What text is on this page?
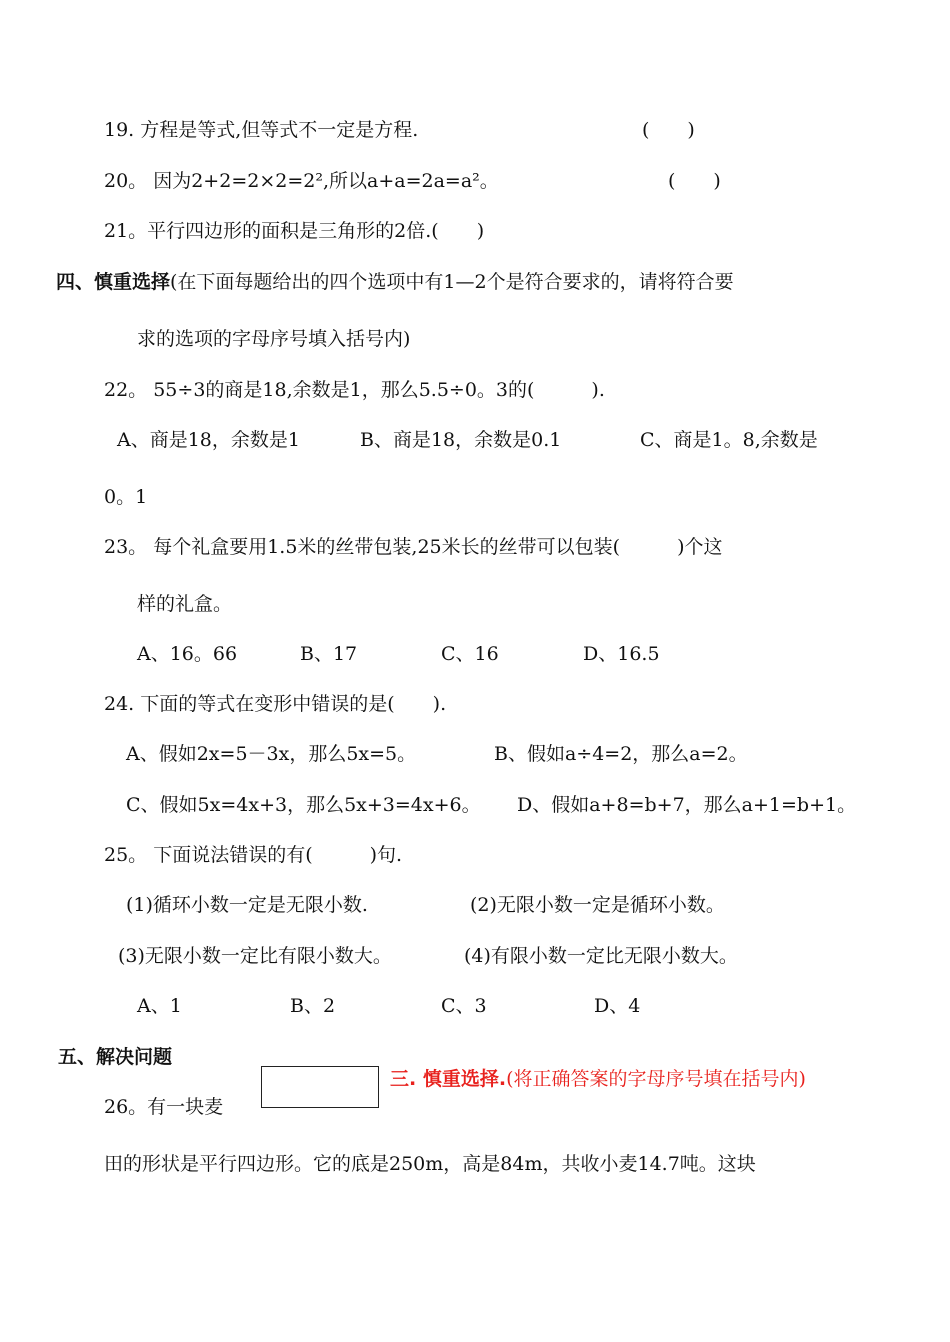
19. 方程是等式,但等式不一定是方程.	(　　)
20。 因为2+2=2×2=2²,所以a+a=2a=a²。	(　　)
21。平行四边形的面积是三角形的2倍.(　　)
四、慎重选择(在下面每题给出的四个选项中有1—2个是符合要求的，请将符合要
求的选项的字母序号填入括号内)
22。 55÷3的商是18,余数是1，那么5.5÷0。3的(　　　).
A、商是18，余数是1	B、商是18，余数是0.1	C、商是1。8,余数是
0。1
23。 每个礼盒要用1.5米的丝带包装,25米长的丝带可以包装(　　　)个这
样的礼盒。
A、16。66	B、17	C、16	D、16.5
24. 下面的等式在变形中错误的是(　　).
A、假如2x=5－3x，那么5x=5。	B、假如a÷4=2，那么a=2。
C、假如5x=4x+3，那么5x+3=4x+6。 D、假如a+8=b+7，那么a+1=b+1。
25。 下面说法错误的有(　　　)句.
(1)循环小数一定是无限小数.	(2)无限小数一定是循环小数。
(3)无限小数一定比有限小数大。	(4)有限小数一定比无限小数大。
A、1	B、2	C、3	D、4
五、解决问题
三. 慎重选择.(将正确答案的字母序号填在括号内)
26。有一块麦
田的形状是平行四边形。它的底是250m，高是84m，共收小麦14.7吨。这块
